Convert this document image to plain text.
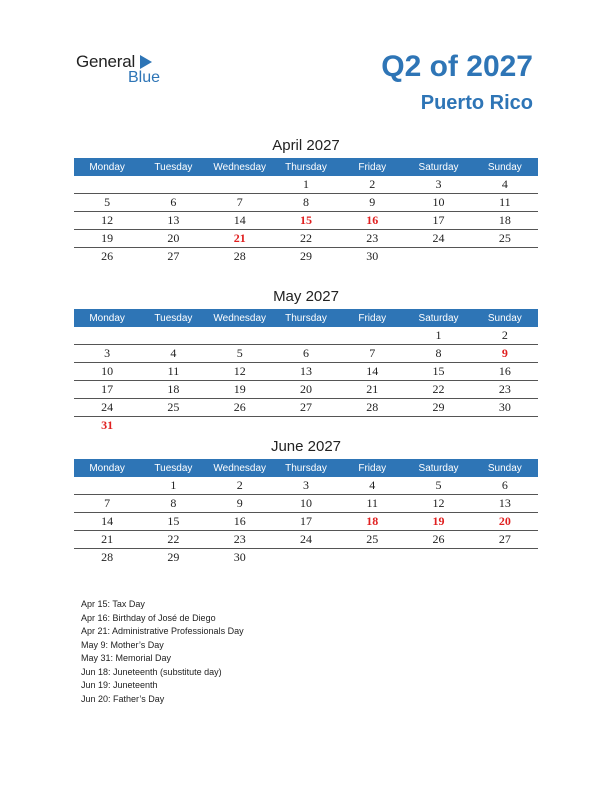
General
Blue	Q2 of 2027
Puerto Rico
April 2027
Monday	Tuesday	Wednesday	Thursday	Friday	Saturday	Sunday
			1	2	3	4
5	6	7	8	9	10	11
12	13	14	15	16	17	18
19	20	21	22	23	24	25
26	27	28	29	30		
May 2027
Monday	Tuesday	Wednesday	Thursday	Friday	Saturday	Sunday
					1	2
3	4	5	6	7	8	9
10	11	12	13	14	15	16
17	18	19	20	21	22	23
24	25	26	27	28	29	30
31						
June 2027
Monday	Tuesday	Wednesday	Thursday	Friday	Saturday	Sunday
	1	2	3	4	5	6
7	8	9	10	11	12	13
14	15	16	17	18	19	20
21	22	23	24	25	26	27
28	29	30				
Apr 15: Tax Day
Apr 16: Birthday of José de Diego
Apr 21: Administrative Professionals Day
May 9: Mother’s Day
May 31: Memorial Day
Jun 18: Juneteenth (substitute day)
Jun 19: Juneteenth
Jun 20: Father’s Day
